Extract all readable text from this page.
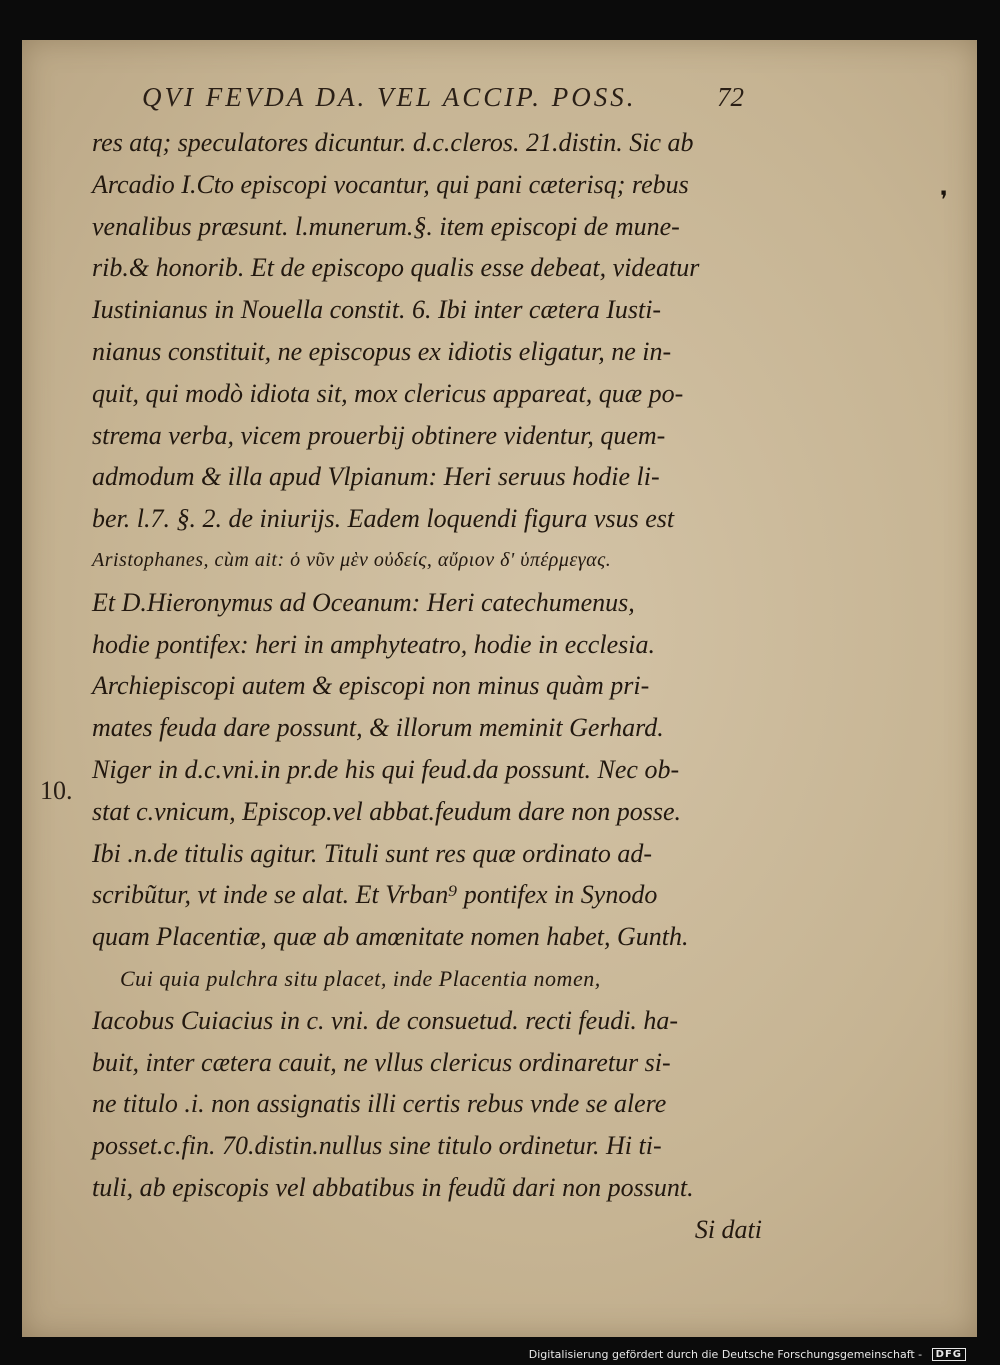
QVI FEVDA DA. VEL ACCIP. POSS.	72
res atq; speculatores dicuntur. d.c.cleros. 21.distin. Sic ab
Arcadio I.Cto episcopi vocantur, qui pani cæterisq; rebus
venalibus præsunt. l.munerum.§. item episcopi de mune-
rib.& honorib. Et de episcopo qualis esse debeat, videatur
Iustinianus in Nouella constit. 6. Ibi inter cætera Iusti-
nianus constituit, ne episcopus ex idiotis eligatur, ne in-
quit, qui modò idiota sit, mox clericus appareat, quæ po-
strema verba, vicem prouerbij obtinere videntur, quem-
admodum & illa apud Vlpianum: Heri seruus hodie li-
ber. l.7. §. 2. de iniurijs. Eadem loquendi figura vsus est
Aristophanes, cùm ait: ὁ νῦν μὲν οὐδείς, αὔριον δ' ὑπέρμεγας.
Et D.Hieronymus ad Oceanum: Heri catechumenus,
hodie pontifex: heri in amphyteatro, hodie in ecclesia.
Archiepiscopi autem & episcopi non minus quàm pri-
mates feuda dare possunt, & illorum meminit Gerhard.
Niger in d.c.vni.in pr.de his qui feud.da possunt. Nec ob-
stat c.vnicum, Episcop.vel abbat.feudum dare non posse.
Ibi .n.de titulis agitur. Tituli sunt res quæ ordinato ad-
scribũtur, vt inde se alat. Et Vrban⁹ pontifex in Synodo
quam Placentiæ, quæ ab amœnitate nomen habet, Gunth.
Cui quia pulchra situ placet, inde Placentia nomen,
Iacobus Cuiacius in c. vni. de consuetud. recti feudi. ha-
buit, inter cætera cauit, ne vllus clericus ordinaretur si-
ne titulo .i. non assignatis illi certis rebus vnde se alere
posset.c.fin. 70.distin.nullus sine titulo ordinetur. Hi ti-
tuli, ab episcopis vel abbatibus in feudũ dari non possunt.
Si dati
10.
❜
Digitalisierung gefördert durch die Deutsche Forschungsgemeinschaft - DFG
